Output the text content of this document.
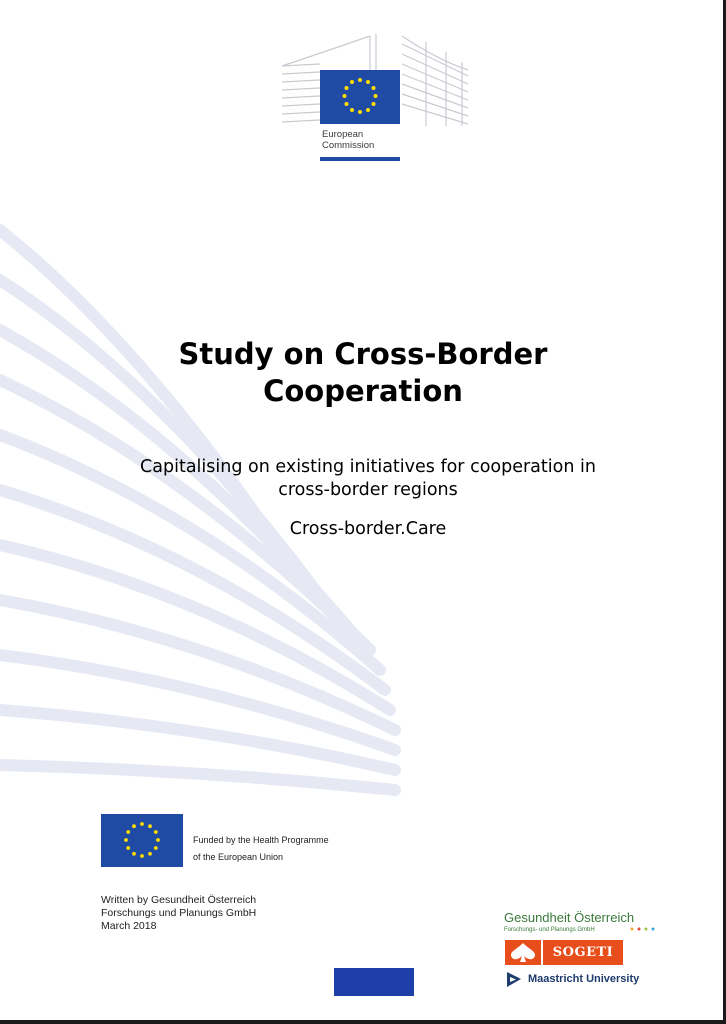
European
Commission
Study on Cross-Border
Cooperation
Capitalising on existing initiatives for cooperation in
cross-border regions
Cross-border.Care
Funded by the Health Programme
of the European Union
Written by Gesundheit Österreich
Forschungs und Planungs GmbH
March 2018
Gesundheit Österreich
Forschungs- und Planungs GmbH
SOGETI
Maastricht University
